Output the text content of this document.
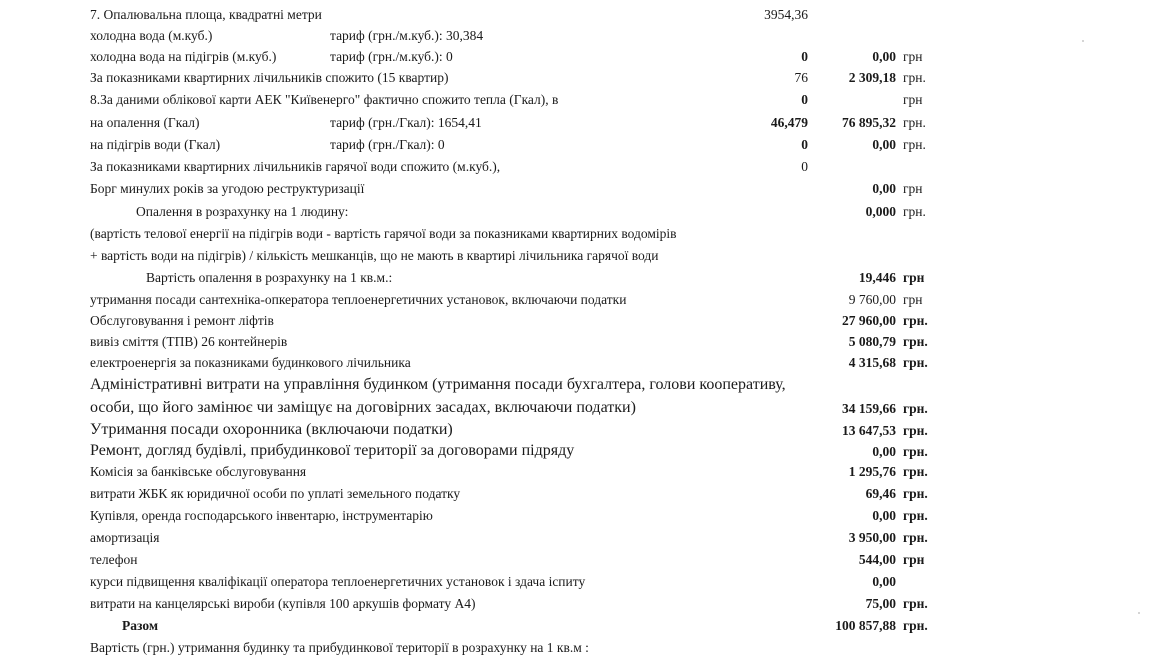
7. Опалювальна площа, квадратні метри	3954,36
холодна вода (м.куб.)	тариф (грн./м.куб.): 30,384
холодна вода на підігрів (м.куб.)	тариф (грн./м.куб.): 0	0	0,00 грн
За показниками квартирних лічильників спожито (15 квартир)	76	2 309,18 грн.
8.За даними облікової карти АЕК "Київенерго" фактично спожито тепла (Гкал), в	0	грн
на опалення (Гкал)	тариф (грн./Гкал): 1654,41	46,479	76 895,32 грн.
на підігрів води (Гкал)	тариф (грн./Гкал): 0	0	0,00 грн.
За показниками квартирних лічильників гарячої води спожито (м.куб.),	0
Борг минулих років за угодою реструктуризації	0,00 грн
Опалення в розрахунку на 1 людину:	0,000 грн.
(вартість телової енергії на підігрів води - вартість гарячої води за показниками квартирних водомірів
+ вартість води на підігрів) / кількість мешканців, що не мають в квартирі лічильника гарячої води
Вартість опалення в розрахунку на 1 кв.м.:	19,446 грн
утримання посади сантехніка-опкератора теплоенергетичних установок, включаючи податки	9 760,00 грн
Обслуговування і ремонт ліфтів	27 960,00 грн.
вивіз сміття (ТПВ) 26 контейнерів	5 080,79 грн.
електроенергія за показниками будинкового лічильника	4 315,68 грн.
Адміністративні витрати на управління будинком (утримання посади бухгалтера, голови кооперативу,
особи, що його замінює чи заміщує на договірних засадах, включаючи податки)	34 159,66 грн.
Утримання посади охоронника (включаючи податки)	13 647,53 грн.
Ремонт, догляд будівлі, прибудинкової території за договорами підряду	0,00 грн.
Комісія за банківське обслуговування	1 295,76 грн.
витрати ЖБК як юридичної особи по уплаті земельного податку	69,46 грн.
Купівля, оренда господарського інвентарю, інструментарію	0,00 грн.
амортизація	3 950,00 грн.
телефон	544,00 грн
курси підвищення кваліфікації оператора теплоенергетичних установок і здача іспиту	0,00
витрати на канцелярські вироби (купівля 100 аркушів формату А4)	75,00 грн.
Разом	100 857,88 грн.
Вартість (грн.) утримання будинку та прибудинкової території в розрахунку на 1 кв.м :
